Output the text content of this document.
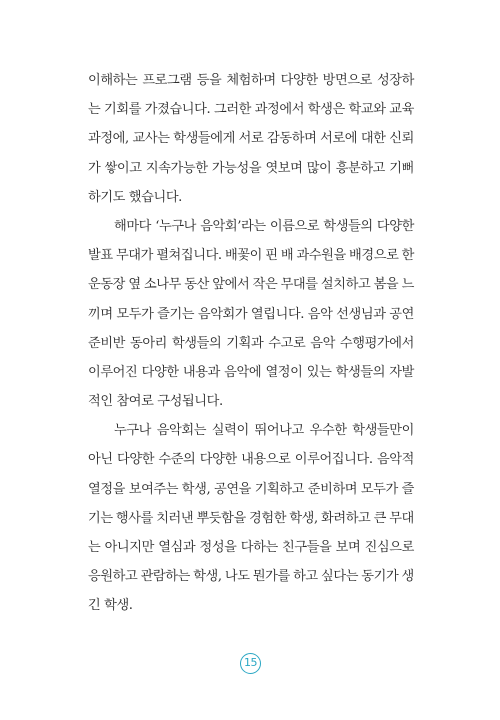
이해하는 프로그램 등을 체험하며 다양한 방면으로 성장하
는 기회를 가졌습니다. 그러한 과정에서 학생은 학교와 교육
과정에, 교사는 학생들에게 서로 감동하며 서로에 대한 신뢰
가 쌓이고 지속가능한 가능성을 엿보며 많이 흥분하고 기뻐
하기도 했습니다.
해마다 ‘누구나 음악회’라는 이름으로 학생들의 다양한
발표 무대가 펼쳐집니다. 배꽃이 핀 배 과수원을 배경으로 한
운동장 옆 소나무 동산 앞에서 작은 무대를 설치하고 봄을 느
끼며 모두가 즐기는 음악회가 열립니다. 음악 선생님과 공연
준비반 동아리 학생들의 기획과 수고로 음악 수행평가에서
이루어진 다양한 내용과 음악에 열정이 있는 학생들의 자발
적인 참여로 구성됩니다.
누구나 음악회는 실력이 뛰어나고 우수한 학생들만이
아닌 다양한 수준의 다양한 내용으로 이루어집니다. 음악적
열정을 보여주는 학생, 공연을 기획하고 준비하며 모두가 즐
기는 행사를 치러낸 뿌듯함을 경험한 학생, 화려하고 큰 무대
는 아니지만 열심과 정성을 다하는 친구들을 보며 진심으로
응원하고 관람하는 학생, 나도 뭔가를 하고 싶다는 동기가 생
긴 학생.
15
